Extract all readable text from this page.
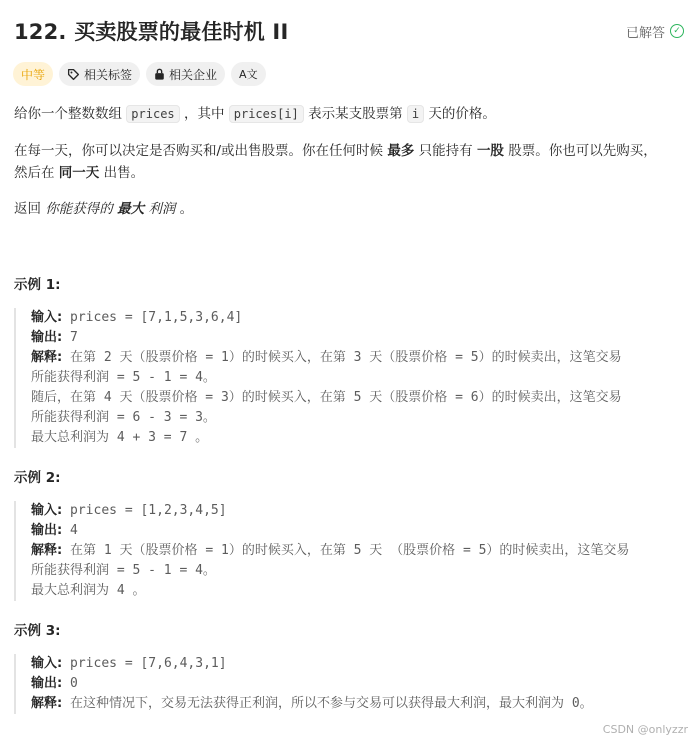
122. 买卖股票的最佳时机 II	已解答 ✓
中等	相关标签	相关企业 A文
给你一个整数数组 prices ，其中 prices[i] 表示某支股票第 i 天的价格。
在每一天，你可以决定是否购买和/或出售股票。你在任何时候 最多 只能持有 一股 股票。你也可以先购买，
然后在 同一天 出售。
返回 你能获得的 最大 利润 。
示例 1:
输入: prices = [7,1,5,3,6,4]
输出: 7
解释: 在第 2 天（股票价格 = 1）的时候买入，在第 3 天（股票价格 = 5）的时候卖出，这笔交易
所能获得利润 = 5 - 1 = 4。
随后，在第 4 天（股票价格 = 3）的时候买入，在第 5 天（股票价格 = 6）的时候卖出，这笔交易
所能获得利润 = 6 - 3 = 3。
最大总利润为 4 + 3 = 7 。
示例 2:
输入: prices = [1,2,3,4,5]
输出: 4
解释: 在第 1 天（股票价格 = 1）的时候买入，在第 5 天 （股票价格 = 5）的时候卖出，这笔交易
所能获得利润 = 5 - 1 = 4。
最大总利润为 4 。
示例 3:
输入: prices = [7,6,4,3,1]
输出: 0
解释: 在这种情况下，交易无法获得正利润，所以不参与交易可以获得最大利润，最大利润为 0。
CSDN @onlyzzr
